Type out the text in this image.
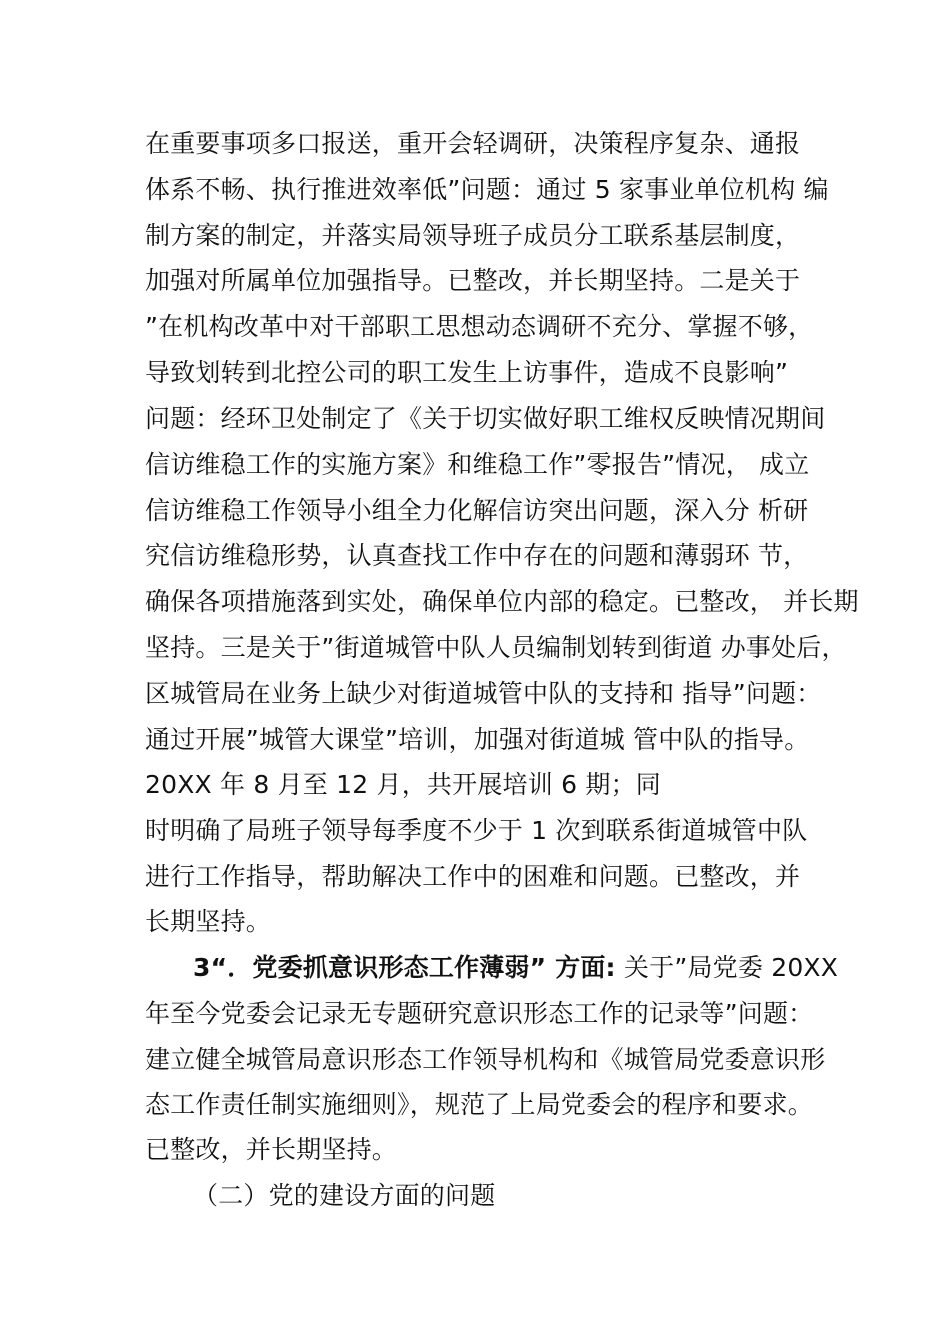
在重要事项多口报送，重开会轻调研，决策程序复杂、通报
体系不畅、执行推进效率低”问题：通过 5 家事业单位机构 编
制方案的制定，并落实局领导班子成员分工联系基层制度，
加强对所属单位加强指导。已整改，并长期坚持。二是关于
”在机构改革中对干部职工思想动态调研不充分、掌握不够，
导致划转到北控公司的职工发生上访事件，造成不良影响”
问题：经环卫处制定了《关于切实做好职工维权反映情况期间
信访维稳工作的实施方案》和维稳工作”零报告”情况， 成立
信访维稳工作领导小组全力化解信访突出问题，深入分 析研
究信访维稳形势，认真查找工作中存在的问题和薄弱环 节，
确保各项措施落到实处，确保单位内部的稳定。已整改， 并长期
坚持。三是关于”街道城管中队人员编制划转到街道 办事处后，
区城管局在业务上缺少对街道城管中队的支持和 指导”问题：
通过开展”城管大课堂”培训，加强对街道城 管中队的指导。
20XX 年 8 月至 12 月，共开展培训 6 期；同
时明确了局班子领导每季度不少于 1 次到联系街道城管中队
进行工作指导，帮助解决工作中的困难和问题。已整改，并
长期坚持。
3“．党委抓意识形态工作薄弱” 方面: 关于”局党委 20XX
年至今党委会记录无专题研究意识形态工作的记录等”问题：
建立健全城管局意识形态工作领导机构和《城管局党委意识形
态工作责任制实施细则》，规范了上局党委会的程序和要求。
已整改，并长期坚持。
（二）党的建设方面的问题
